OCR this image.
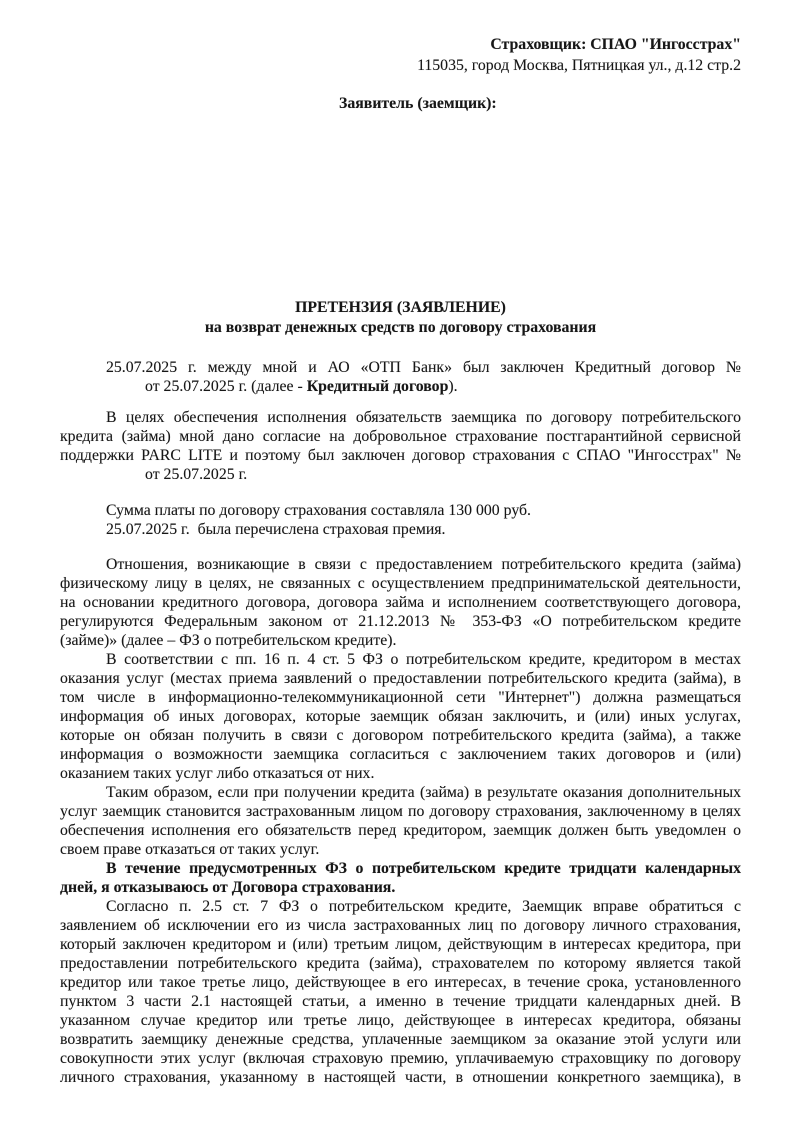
Страховщик: СПАО "Ингосстрах"
115035, город Москва, Пятницкая ул., д.12 стр.2
Заявитель (заемщик):
ПРЕТЕНЗИЯ (ЗАЯВЛЕНИЕ)
на возврат денежных средств по договору страхования
25.07.2025 г. между мной и АО «ОТП Банк» был заключен Кредитный договор №
от 25.07.2025 г. (далее - Кредитный договор).
В целях обеспечения исполнения обязательств заемщика по договору потребительского
кредита (займа) мной дано согласие на добровольное страхование постгарантийной сервисной
поддержки PARC LITE и поэтому был заключен договор страхования с СПАО "Ингосстрах" №
от 25.07.2025 г.
Сумма платы по договору страхования составляла 130 000 руб.
25.07.2025 г.  была перечислена страховая премия.
Отношения, возникающие в связи с предоставлением потребительского кредита (займа)
физическому лицу в целях, не связанных с осуществлением предпринимательской деятельности,
на основании кредитного договора, договора займа и исполнением соответствующего договора,
регулируются Федеральным законом от 21.12.2013 № 353-ФЗ «О потребительском кредите
(займе)» (далее – ФЗ о потребительском кредите).
В соответствии с пп. 16 п. 4 ст. 5 ФЗ о потребительском кредите, кредитором в местах
оказания услуг (местах приема заявлений о предоставлении потребительского кредита (займа), в
том числе в информационно-телекоммуникационной сети "Интернет") должна размещаться
информация об иных договорах, которые заемщик обязан заключить, и (или) иных услугах,
которые он обязан получить в связи с договором потребительского кредита (займа), а также
информация о возможности заемщика согласиться с заключением таких договоров и (или)
оказанием таких услуг либо отказаться от них.
Таким образом, если при получении кредита (займа) в результате оказания дополнительных
услуг заемщик становится застрахованным лицом по договору страхования, заключенному в целях
обеспечения исполнения его обязательств перед кредитором, заемщик должен быть уведомлен о
своем праве отказаться от таких услуг.
В течение предусмотренных ФЗ о потребительском кредите тридцати календарных
дней, я отказываюсь от Договора страхования.
Согласно п. 2.5 ст. 7 ФЗ о потребительском кредите, Заемщик вправе обратиться с
заявлением об исключении его из числа застрахованных лиц по договору личного страхования,
который заключен кредитором и (или) третьим лицом, действующим в интересах кредитора, при
предоставлении потребительского кредита (займа), страхователем по которому является такой
кредитор или такое третье лицо, действующее в его интересах, в течение срока, установленного
пунктом 3 части 2.1 настоящей статьи, а именно в течение тридцати календарных дней. В
указанном случае кредитор или третье лицо, действующее в интересах кредитора, обязаны
возвратить заемщику денежные средства, уплаченные заемщиком за оказание этой услуги или
совокупности этих услуг (включая страховую премию, уплачиваемую страховщику по договору
личного страхования, указанному в настоящей части, в отношении конкретного заемщика), в
